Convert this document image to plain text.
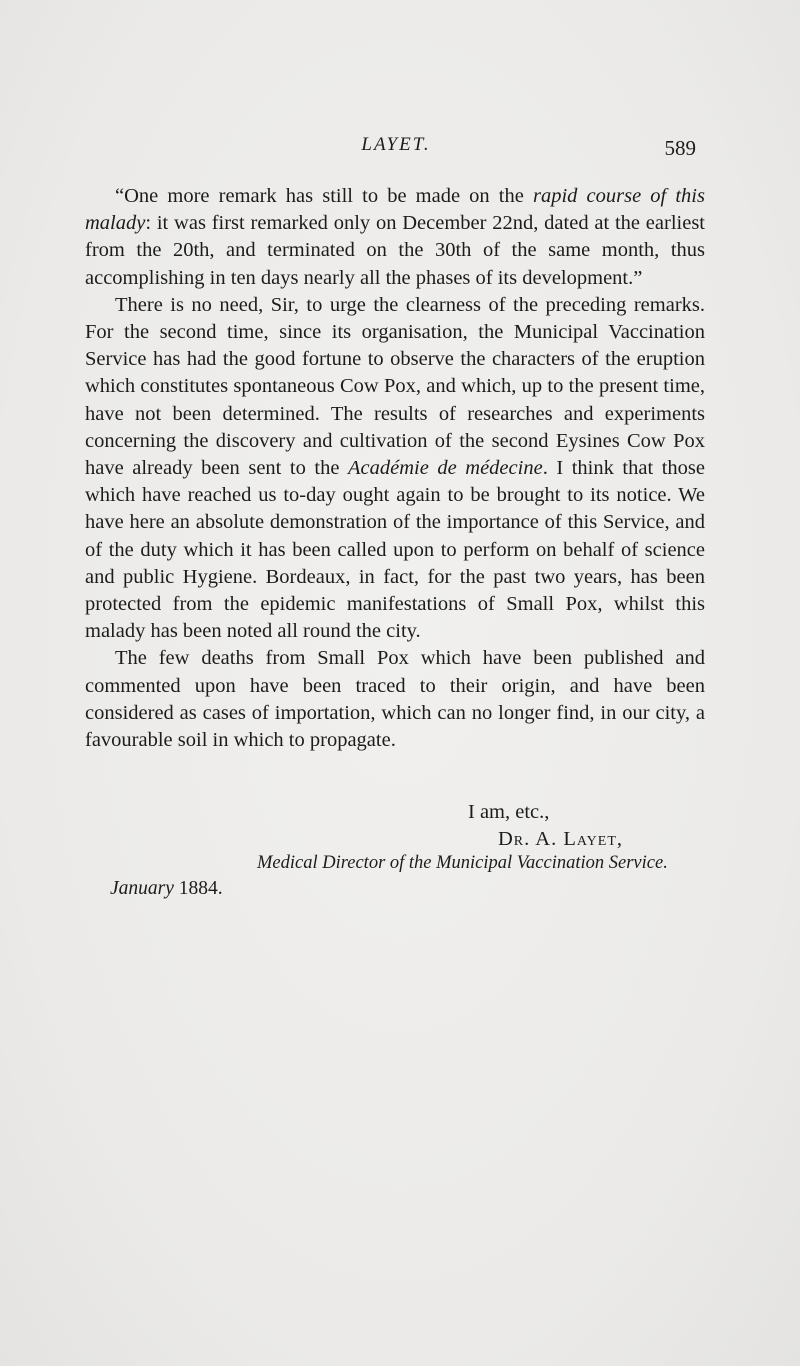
LAYET.	589

“One more remark has still to be made on the rapid course of this malady: it was first remarked only on December 22nd, dated at the earliest from the 20th, and terminated on the 30th of the same month, thus accomplishing in ten days nearly all the phases of its development.”

There is no need, Sir, to urge the clearness of the preceding remarks. For the second time, since its organisation, the Municipal Vaccination Service has had the good fortune to observe the characters of the eruption which constitutes spontaneous Cow Pox, and which, up to the present time, have not been determined. The results of researches and experiments concerning the discovery and cultivation of the second Eysines Cow Pox have already been sent to the Académie de médecine. I think that those which have reached us to-day ought again to be brought to its notice. We have here an absolute demonstration of the importance of this Service, and of the duty which it has been called upon to perform on behalf of science and public Hygiene. Bordeaux, in fact, for the past two years, has been protected from the epidemic manifestations of Small Pox, whilst this malady has been noted all round the city.

The few deaths from Small Pox which have been published and commented upon have been traced to their origin, and have been considered as cases of importation, which can no longer find, in our city, a favourable soil in which to propagate.

I am, etc.,
Dr. A. Layet,
Medical Director of the Municipal Vaccination Service.
January 1884.
